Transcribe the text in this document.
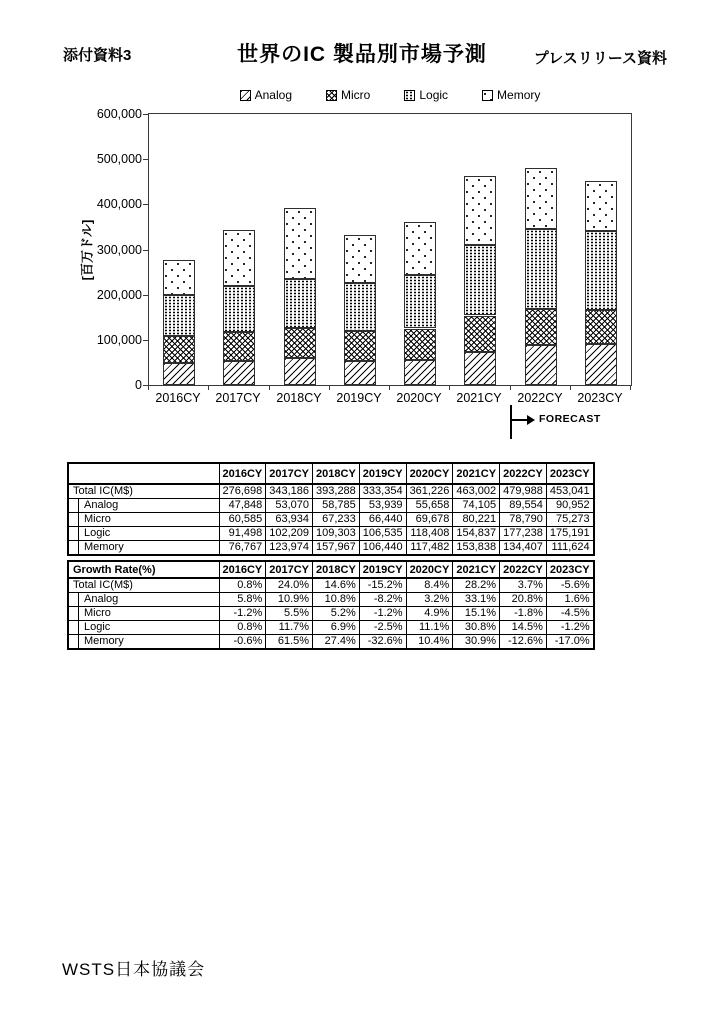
添付資料3	世界のIC 製品別市場予測	プレスリリース資料
Analog	Micro	Logic	Memory
[百万ドル]
0
100,000
200,000
300,000
400,000
500,000
600,000
2016CY	2017CY	2018CY	2019CY	2020CY	2021CY	2022CY	2023CY
FORECAST
	2016CY	2017CY	2018CY	2019CY	2020CY	2021CY	2022CY	2023CY

Total IC(M$)	276,698	343,186	393,288	333,354	361,226	463,002	479,988	453,041

Analog	47,848	53,070	58,785	53,939	55,658	74,105	89,554	90,952

Micro	60,585	63,934	67,233	66,440	69,678	80,221	78,790	75,273

Logic	91,498	102,209	109,303	106,535	118,408	154,837	177,238	175,191

Memory	76,767	123,974	157,967	106,440	117,482	153,838	134,407	111,624
Growth Rate(%)	2016CY	2017CY	2018CY	2019CY	2020CY	2021CY	2022CY	2023CY

Total IC(M$)	0.8%	24.0%	14.6%	-15.2%	8.4%	28.2%	3.7%	-5.6%

Analog	5.8%	10.9%	10.8%	-8.2%	3.2%	33.1%	20.8%	1.6%

Micro	-1.2%	5.5%	5.2%	-1.2%	4.9%	15.1%	-1.8%	-4.5%

Logic	0.8%	11.7%	6.9%	-2.5%	11.1%	30.8%	14.5%	-1.2%

Memory	-0.6%	61.5%	27.4%	-32.6%	10.4%	30.9%	-12.6%	-17.0%
WSTS日本協議会
